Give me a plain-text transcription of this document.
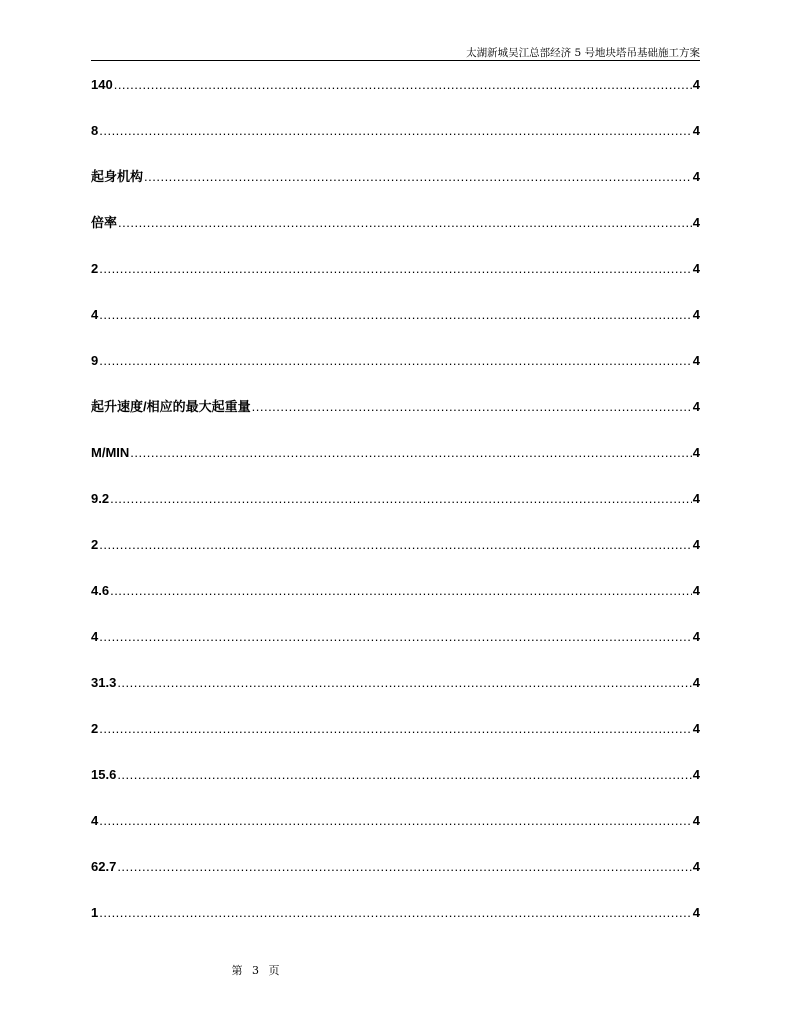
太湖新城吴江总部经济 5 号地块塔吊基础施工方案
140 .....	4
8 .....	4
起身机构 .....	4
倍率 .....	4
2 .....	4
4 .....	4
9 .....	4
起升速度/相应的最大起重量 .....	4
M/MIN .....	4
9.2 .....	4
2 .....	4
4.6 .....	4
4 .....	4
31.3 .....	4
2 .....	4
15.6 .....	4
4 .....	4
62.7 .....	4
1 .....	4
第 3 页
